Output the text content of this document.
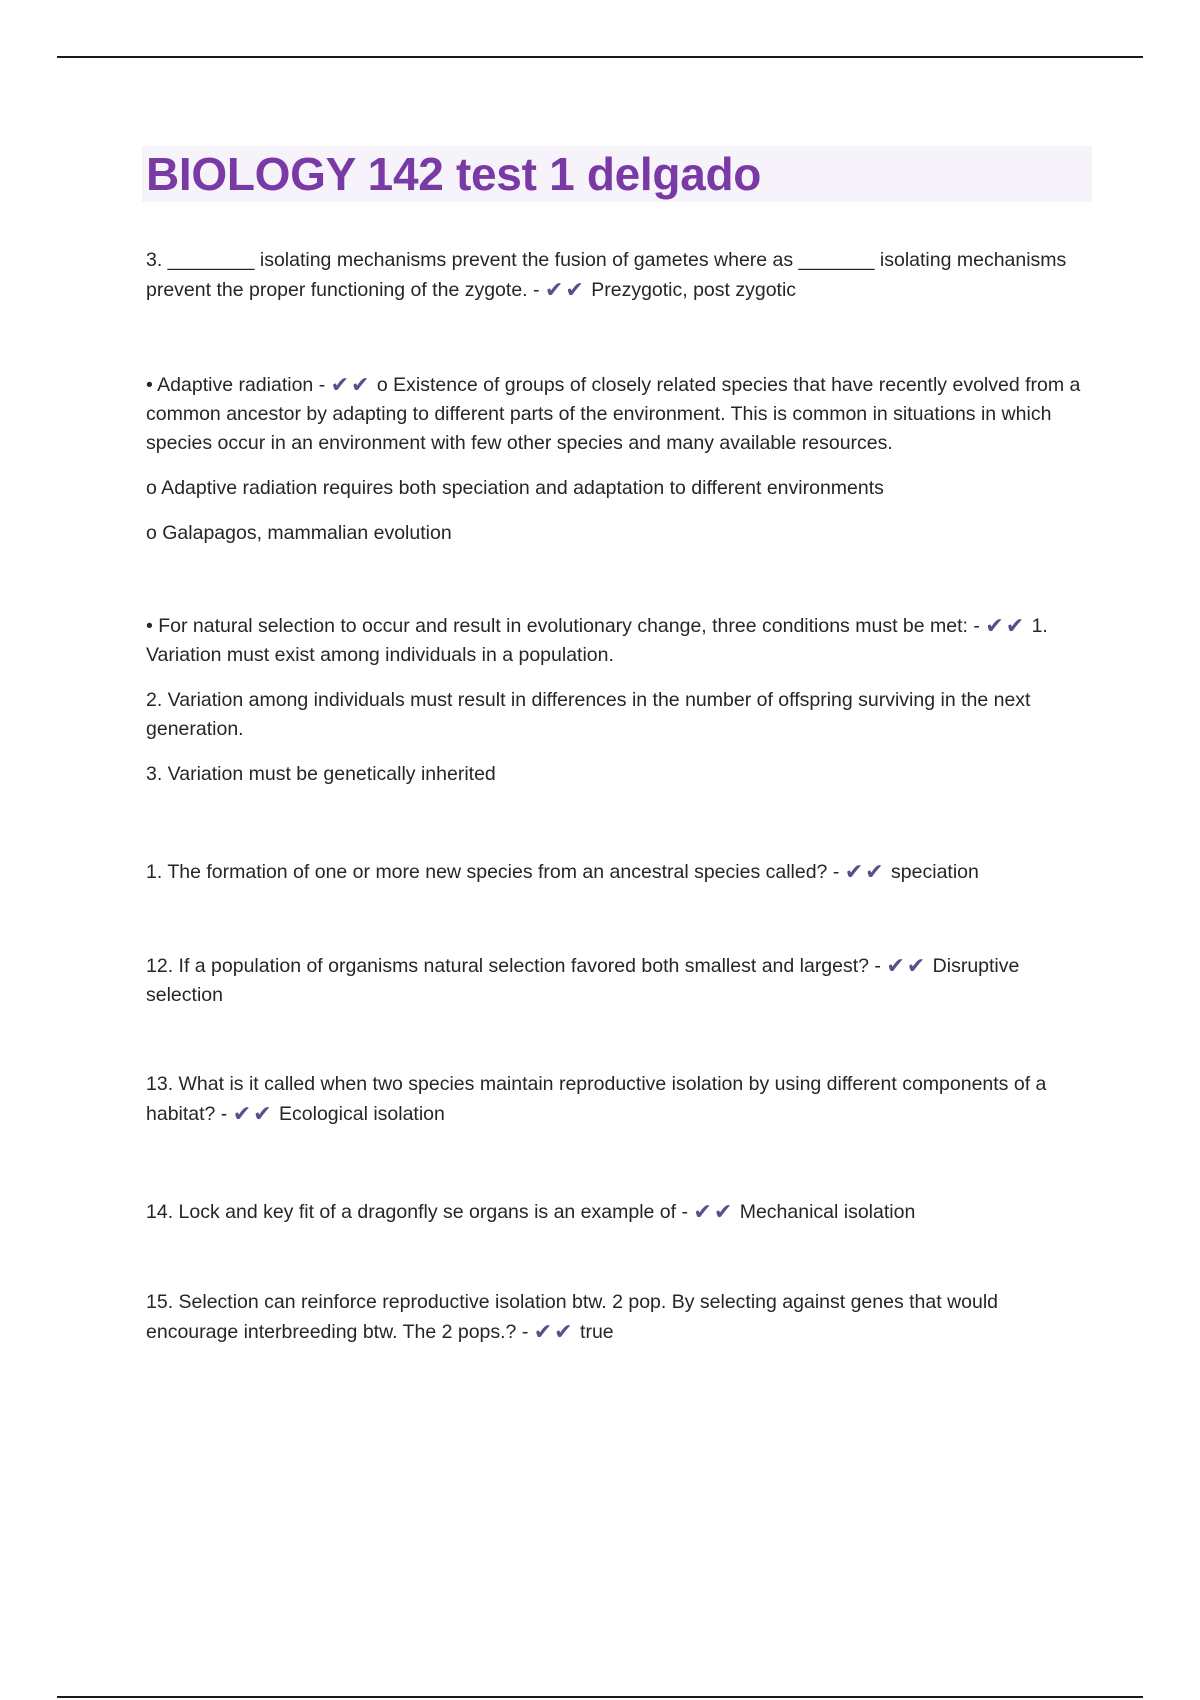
BIOLOGY 142 test 1 delgado

3. ________ isolating mechanisms prevent the fusion of gametes where as _______ isolating mechanisms prevent the proper functioning of the zygote. - ✔✔ Prezygotic, post zygotic

• Adaptive radiation - ✔✔ o Existence of groups of closely related species that have recently evolved from a common ancestor by adapting to different parts of the environment. This is common in situations in which species occur in an environment with few other species and many available resources.

o Adaptive radiation requires both speciation and adaptation to different environments

o Galapagos, mammalian evolution

• For natural selection to occur and result in evolutionary change, three conditions must be met: - ✔✔ 1. Variation must exist among individuals in a population.

2. Variation among individuals must result in differences in the number of offspring surviving in the next generation.

3. Variation must be genetically inherited

1. The formation of one or more new species from an ancestral species called? - ✔✔ speciation

12. If a population of organisms natural selection favored both smallest and largest? - ✔✔ Disruptive selection

13. What is it called when two species maintain reproductive isolation by using different components of a habitat? - ✔✔ Ecological isolation

14. Lock and key fit of a dragonfly se organs is an example of - ✔✔ Mechanical isolation

15. Selection can reinforce reproductive isolation btw. 2 pop. By selecting against genes that would encourage interbreeding btw. The 2 pops.? - ✔✔ true
